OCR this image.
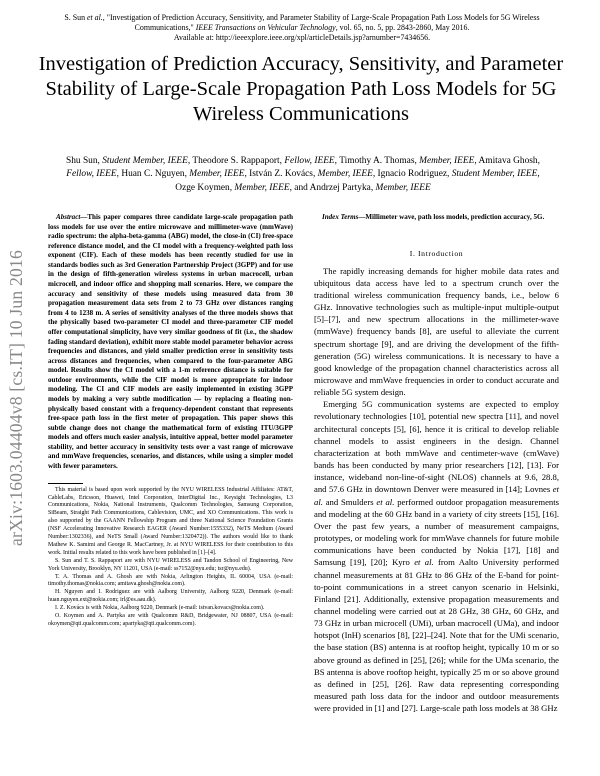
S. Sun et al., "Investigation of Prediction Accuracy, Sensitivity, and Parameter Stability of Large-Scale Propagation Path Loss Models for 5G Wireless Communications," IEEE Transactions on Vehicular Technology, vol. 65, no. 5, pp. 2843-2860, May 2016.
Available at: http://ieeexplore.ieee.org/xpl/articleDetails.jsp?arnumber=7434656.
Investigation of Prediction Accuracy, Sensitivity, and Parameter Stability of Large-Scale Propagation Path Loss Models for 5G Wireless Communications
Shu Sun, Student Member, IEEE, Theodore S. Rappaport, Fellow, IEEE, Timothy A. Thomas, Member, IEEE, Amitava Ghosh, Fellow, IEEE, Huan C. Nguyen, Member, IEEE, István Z. Kovács, Member, IEEE, Ignacio Rodriguez, Student Member, IEEE, Ozge Koymen, Member, IEEE, and Andrzej Partyka, Member, IEEE
arXiv:1603.04404v8 [cs.IT] 10 Jun 2016

Abstract—This paper compares three candidate large-scale propagation path loss models for use over the entire microwave and millimeter-wave (mmWave) radio spectrum: the alpha-beta-gamma (ABG) model, the close-in (CI) free-space reference distance model, and the CI model with a frequency-weighted path loss exponent (CIF). Each of these models has been recently studied for use in standards bodies such as 3rd Generation Partnership Project (3GPP) and for use in the design of fifth-generation wireless systems in urban macrocell, urban microcell, and indoor office and shopping mall scenarios. Here, we compare the accuracy and sensitivity of these models using measured data from 30 propagation measurement data sets from 2 to 73 GHz over distances ranging from 4 to 1238 m. A series of sensitivity analyses of the three models shows that the physically based two-parameter CI model and three-parameter CIF model offer computational simplicity, have very similar goodness of fit (i.e., the shadow fading standard deviation), exhibit more stable model parameter behavior across frequencies and distances, and yield smaller prediction error in sensitivity tests across distances and frequencies, when compared to the four-parameter ABG model. Results show the CI model with a 1-m reference distance is suitable for outdoor environments, while the CIF model is more appropriate for indoor modeling. The CI and CIF models are easily implemented in existing 3GPP models by making a very subtle modification — by replacing a floating non-physically based constant with a frequency-dependent constant that represents free-space path loss in the first meter of propagation. This paper shows this subtle change does not change the mathematical form of existing ITU/3GPP models and offers much easier analysis, intuitive appeal, better model parameter stability, and better accuracy in sensitivity tests over a vast range of microwave and mmWave frequencies, scenarios, and distances, while using a simpler model with fewer parameters.

This material is based upon work supported by the NYU WIRELESS Industrial Affiliates: AT&T, CableLabs, Ericsson, Huawei, Intel Corporation, InterDigital Inc., Keysight Technologies, L3 Communications, Nokia, National Instruments, Qualcomm Technologies, Samsung Corporation, SiBeam, Straight Path Communications, Cablevision, UMC, and XO Communications. This work is also supported by the GAANN Fellowship Program and three National Science Foundation Grants (NSF Accelerating Innovative Research EAGER (Award Number:1555332), NeTS Medium (Award Number:1302336), and NeTS Small (Award Number:1320472)). The authors would like to thank Mathew K. Samimi and George R. MacCartney, Jr. at NYU WIRELESS for their contribution to this work. Initial results related to this work have been published in [1]–[4].

S. Sun and T. S. Rappaport are with NYU WIRELESS and Tandon School of Engineering, New York University, Brooklyn, NY 11201, USA (e-mail: ss7152@nyu.edu; tsr@nyu.edu).

T. A. Thomas and A. Ghosh are with Nokia, Arlington Heights, IL 60004, USA (e-mail: timothy.thomas@nokia.com; amitava.ghosh@nokia.com).

H. Nguyen and I. Rodriguez are with Aalborg University, Aalborg 9220, Denmark (e-mail: huan.nguyen.ext@nokia.com; irl@es.aau.dk).

I. Z. Kovács is with Nokia, Aalborg 9220, Denmark (e-mail: istvan.kovacs@nokia.com).

O. Koymen and A. Partyka are with Qualcomm R&D, Bridgewater, NJ 08807, USA (e-mail: okoymen@qti.qualcomm.com; apartyka@qti.qualcomm.com).

Index Terms—Millimeter wave, path loss models, prediction accuracy, 5G.

I. Introduction

The rapidly increasing demands for higher mobile data rates and ubiquitous data access have led to a spectrum crunch over the traditional wireless communication frequency bands, i.e., below 6 GHz. Innovative technologies such as multiple-input multiple-output [5]–[7], and new spectrum allocations in the millimeter-wave (mmWave) frequency bands [8], are useful to alleviate the current spectrum shortage [9], and are driving the development of the fifth-generation (5G) wireless communications. It is necessary to have a good knowledge of the propagation channel characteristics across all microwave and mmWave frequencies in order to conduct accurate and reliable 5G system design.

Emerging 5G communication systems are expected to employ revolutionary technologies [10], potential new spectra [11], and novel architectural concepts [5], [6], hence it is critical to develop reliable channel models to assist engineers in the design. Channel characterization at both mmWave and centimeter-wave (cmWave) bands has been conducted by many prior researchers [12], [13]. For instance, wideband non-line-of-sight (NLOS) channels at 9.6, 28.8, and 57.6 GHz in downtown Denver were measured in [14]; Lovnes et al. and Smulders et al. performed outdoor propagation measurements and modeling at the 60 GHz band in a variety of city streets [15], [16]. Over the past few years, a number of measurement campaigns, prototypes, or modeling work for mmWave channels for future mobile communications have been conducted by Nokia [17], [18] and Samsung [19], [20]; Kyro et al. from Aalto University performed channel measurements at 81 GHz to 86 GHz of the E-band for point-to-point communications in a street canyon scenario in Helsinki, Finland [21]. Additionally, extensive propagation measurements and channel modeling were carried out at 28 GHz, 38 GHz, 60 GHz, and 73 GHz in urban microcell (UMi), urban macrocell (UMa), and indoor hotspot (InH) scenarios [8], [22]–[24]. Note that for the UMi scenario, the base station (BS) antenna is at rooftop height, typically 10 m or so above ground as defined in [25], [26]; while for the UMa scenario, the BS antenna is above rooftop height, typically 25 m or so above ground as defined in [25], [26]. Raw data representing corresponding measured path loss data for the indoor and outdoor measurements were provided in [1] and [27]. Large-scale path loss models at 38 GHz
